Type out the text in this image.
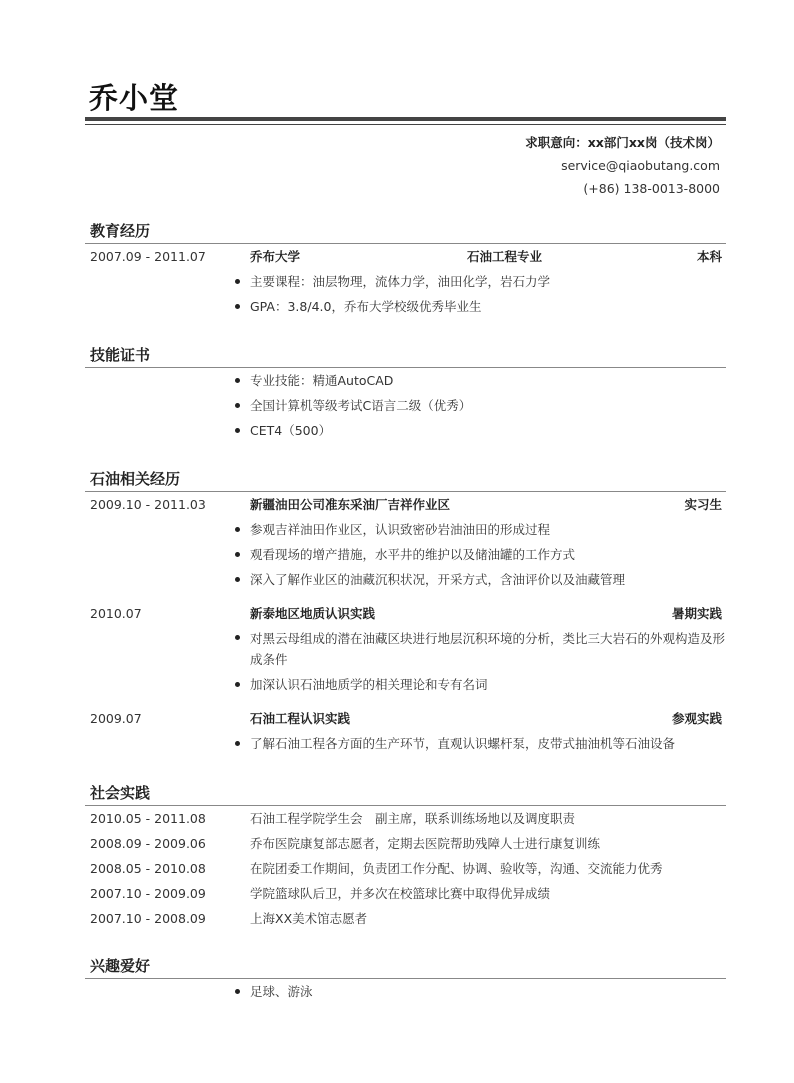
乔小堂
求职意向：xx部门xx岗（技术岗）
service@qiaobutang.com
(+86) 138-0013-8000
教育经历
2007.09 - 2011.07	乔布大学	石油工程专业	本科
主要课程：油层物理，流体力学，油田化学，岩石力学
GPA：3.8/4.0，乔布大学校级优秀毕业生
技能证书
专业技能：精通AutoCAD
全国计算机等级考试C语言二级（优秀）
CET4（500）
石油相关经历
2009.10 - 2011.03	新疆油田公司准东采油厂吉祥作业区	实习生
参观吉祥油田作业区，认识致密砂岩油油田的形成过程
观看现场的增产措施，水平井的维护以及储油罐的工作方式
深入了解作业区的油藏沉积状况，开采方式，含油评价以及油藏管理
2010.07	新泰地区地质认识实践	暑期实践
对黑云母组成的潜在油藏区块进行地层沉积环境的分析，类比三大岩石的外观构造及形成条件
加深认识石油地质学的相关理论和专有名词
2009.07	石油工程认识实践	参观实践
了解石油工程各方面的生产环节，直观认识螺杆泵，皮带式抽油机等石油设备
社会实践
2010.05 - 2011.08	石油工程学院学生会　副主席，联系训练场地以及调度职责
2008.09 - 2009.06	乔布医院康复部志愿者，定期去医院帮助残障人士进行康复训练
2008.05 - 2010.08	在院团委工作期间，负责团工作分配、协调、验收等，沟通、交流能力优秀
2007.10 - 2009.09	学院篮球队后卫，并多次在校篮球比赛中取得优异成绩
2007.10 - 2008.09	上海XX美术馆志愿者
兴趣爱好
足球、游泳
